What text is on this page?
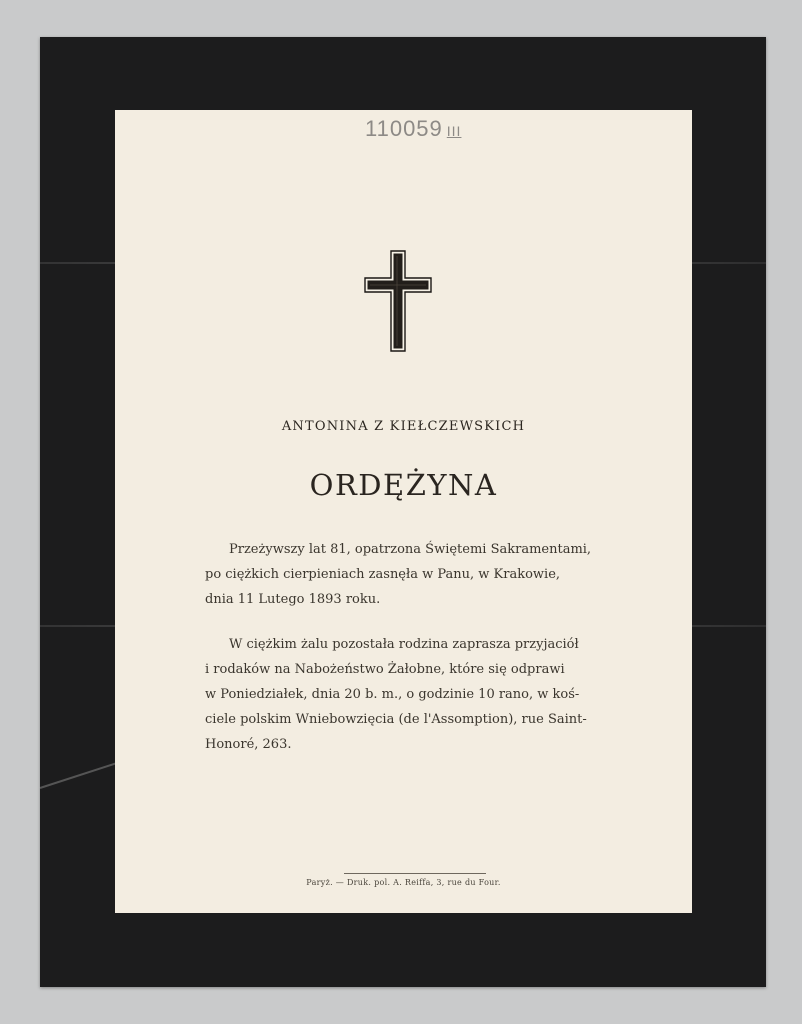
110059 III
ANTONINA Z KIEŁCZEWSKICH
ORDĘŻYNA
Przeżywszy lat 81, opatrzona Świętemi Sakramentami,
po ciężkich cierpieniach zasnęła w Panu, w Krakowie,
dnia 11 Lutego 1893 roku.
W ciężkim żalu pozostała rodzina zaprasza przyjaciół
i rodaków na Nabożeństwo Żałobne, które się odprawi
w Poniedziałek, dnia 20 b. m., o godzinie 10 rano, w koś-
ciele polskim Wniebowzięcia (de l'Assomption), rue Saint-
Honoré, 263.
Paryż. — Druk. pol. A. Reiffa, 3, rue du Four.
